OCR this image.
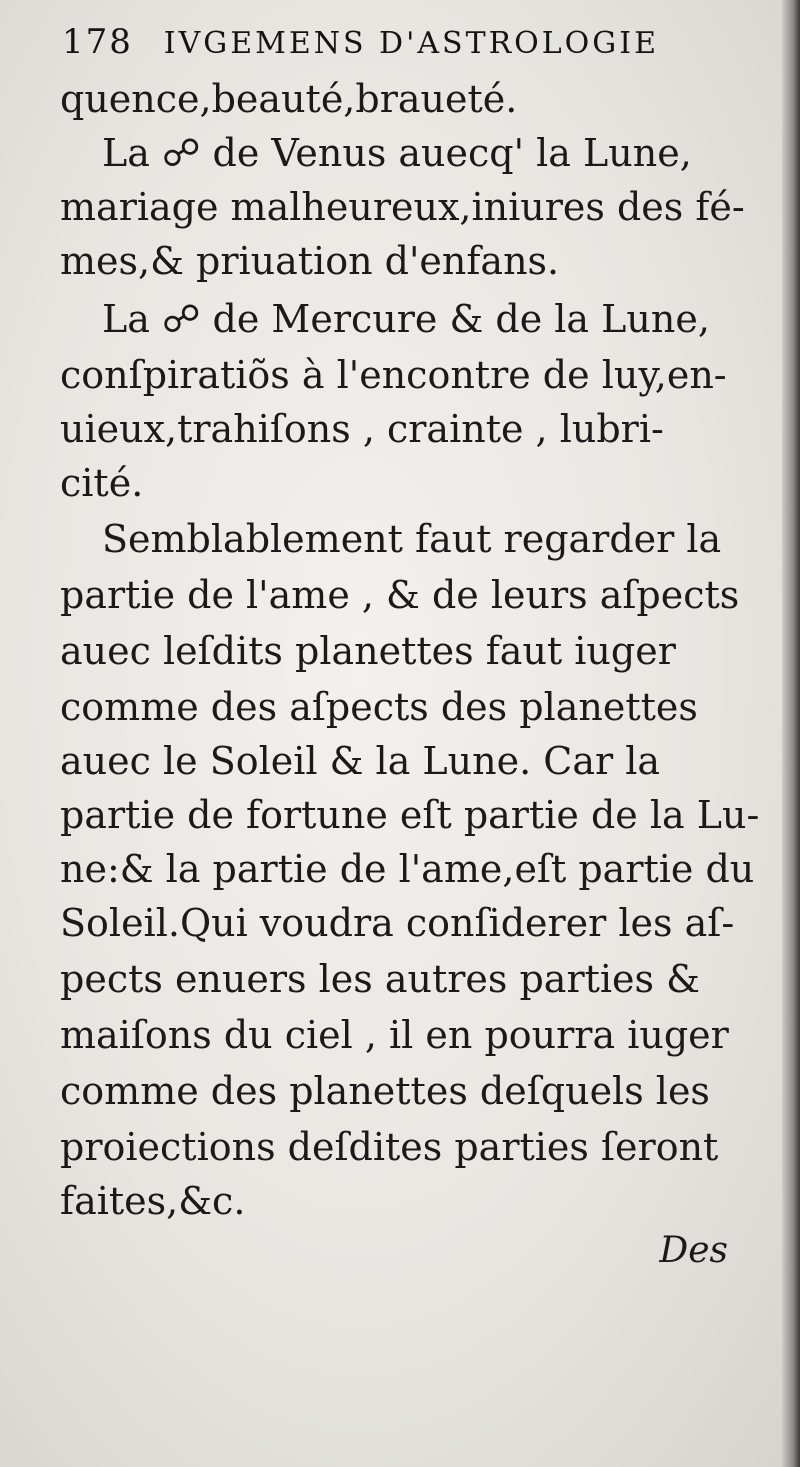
178 IVGEMENS D'ASTROLOGIE
quence,beauté,braueté.
La ☍ de Venus auecq' la Lune,
mariage malheureux,iniures des fé-
mes,& priuation d'enfans.
La ☍ de Mercure & de la Lune,
conſpiratiõs à l'encontre de luy,en-
uieux,trahiſons , crainte , lubri-
cité.
Semblablement faut regarder la
partie de l'ame , & de leurs aſpects
auec leſdits planettes faut iuger
comme des aſpects des planettes
auec le Soleil & la Lune. Car la
partie de fortune eſt partie de la Lu-
ne:& la partie de l'ame,eſt partie du
Soleil.Qui voudra conſiderer les aſ-
pects enuers les autres parties &
maiſons du ciel , il en pourra iuger
comme des planettes deſquels les
proiections deſdites parties ſeront
faites,&c.
Des
